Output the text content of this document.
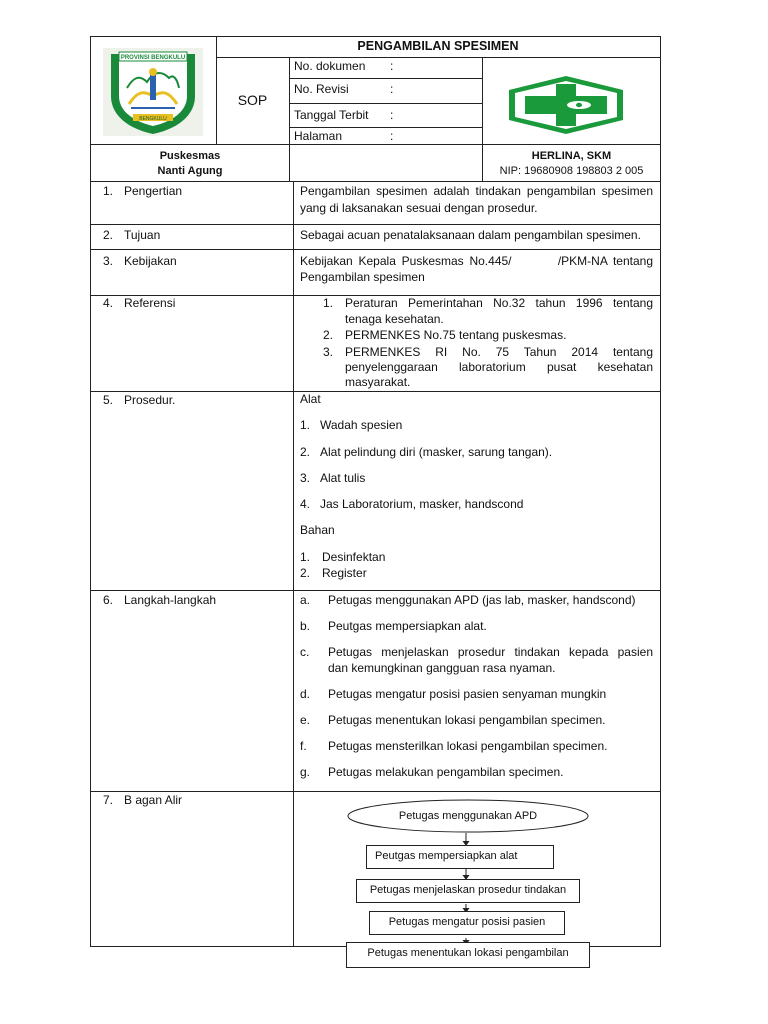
PENGAMBILAN SPESIMEN
SOP
No. dokumen :
No. Revisi	:
Tanggal Terbit :
Halaman	:
Puskesmas
Nanti Agung
HERLINA, SKM
NIP: 19680908 198803 2 005
PROVINSI BENGKULU
BENGKULU
1. Pengertian
2. Tujuan
3. Kebijakan
4. Referensi
5. Prosedur.
6. Langkah-langkah
7. B agan Alir
Pengambilan spesimen adalah tindakan pengambilan spesimen
yang di laksanakan sesuai dengan prosedur.
Sebagai acuan penatalaksanaan dalam pengambilan spesimen.
Kebijakan Kepala Puskesmas No.445/        /PKM-NA tentang
Pengambilan spesimen
1. Peraturan Pemerintahan No.32 tahun 1996 tentang
tenaga kesehatan.
2. PERMENKES No.75 tentang puskesmas.
3. PERMENKES RI No. 75 Tahun 2014 tentang
penyelenggaraan laboratorium pusat kesehatan
masyarakat.
Alat
1. Wadah spesien
2. Alat pelindung diri (masker, sarung tangan).
3. Alat tulis
4. Jas Laboratorium, masker, handscond
Bahan
1. Desinfektan
2. Register
a. Petugas menggunakan APD (jas lab, masker, handscond)
b. Peutgas mempersiapkan alat.
c. Petugas menjelaskan prosedur tindakan kepada pasien
dan kemungkinan gangguan rasa nyaman.
d. Petugas mengatur posisi pasien senyaman mungkin
e. Petugas menentukan lokasi pengambilan specimen.
f. Petugas mensterilkan lokasi pengambilan specimen.
g. Petugas melakukan pengambilan specimen.
Petugas menggunakan APD
Peutgas mempersiapkan alat
Petugas menjelaskan prosedur tindakan
Petugas mengatur posisi pasien
Petugas menentukan lokasi pengambilan
